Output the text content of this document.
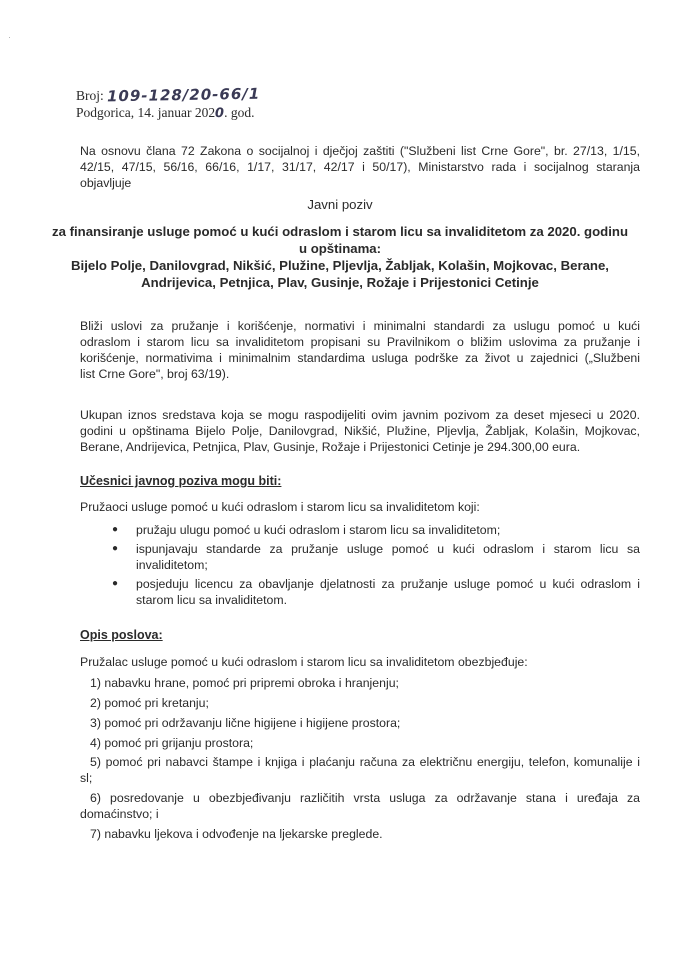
·
Broj: 109-128/20-66/1
Podgorica, 14. januar 2020. god.
Na osnovu člana 72 Zakona o socijalnoj i dječjoj zaštiti ("Službeni list Crne Gore", br. 27/13, 1/15,
42/15, 47/15, 56/16, 66/16, 1/17, 31/17, 42/17 i 50/17), Ministarstvo rada i socijalnog staranja
objavljuje
Javni poziv
za finansiranje usluge pomoć u kući odraslom i starom licu sa invaliditetom za 2020. godinu
u opštinama:
Bijelo Polje, Danilovgrad, Nikšić, Plužine, Pljevlja, Žabljak, Kolašin, Mojkovac, Berane,
Andrijevica, Petnjica, Plav, Gusinje, Rožaje i Prijestonici Cetinje
Bliži uslovi za pružanje i korišćenje, normativi i minimalni standardi za uslugu pomoć u kući
odraslom i starom licu sa invaliditetom propisani su Pravilnikom o bližim uslovima za pružanje i
korišćenje, normativima i minimalnim standardima usluga podrške za život u zajednici („Službeni
list Crne Gore", broj 63/19).
Ukupan iznos sredstava koja se mogu raspodijeliti ovim javnim pozivom za deset mjeseci u 2020.
godini u opštinama Bijelo Polje, Danilovgrad, Nikšić, Plužine, Pljevlja, Žabljak, Kolašin, Mojkovac,
Berane, Andrijevica, Petnjica, Plav, Gusinje, Rožaje i Prijestonici Cetinje je 294.300,00 eura.
Učesnici javnog poziva mogu biti:
Pružaoci usluge pomoć u kući odraslom i starom licu sa invaliditetom koji:
● pružaju ulugu pomoć u kući odraslom i starom licu sa invaliditetom;
● ispunjavaju standarde za pružanje usluge pomoć u kući odraslom i starom licu sa
invaliditetom;
● posjeduju licencu za obavljanje djelatnosti za pružanje usluge pomoć u kući odraslom i
starom licu sa invaliditetom.
Opis poslova:
Pružalac usluge pomoć u kući odraslom i starom licu sa invaliditetom obezbjeđuje:
1) nabavku hrane, pomoć pri pripremi obroka i hranjenju;
2) pomoć pri kretanju;
3) pomoć pri održavanju lične higijene i higijene prostora;
4) pomoć pri grijanju prostora;
5) pomoć pri nabavci štampe i knjiga i plaćanju računa za električnu energiju, telefon, komunalije i
sl;
6) posredovanje u obezbjeđivanju različitih vrsta usluga za održavanje stana i uređaja za
domaćinstvo; i
7) nabavku ljekova i odvođenje na ljekarske preglede.
